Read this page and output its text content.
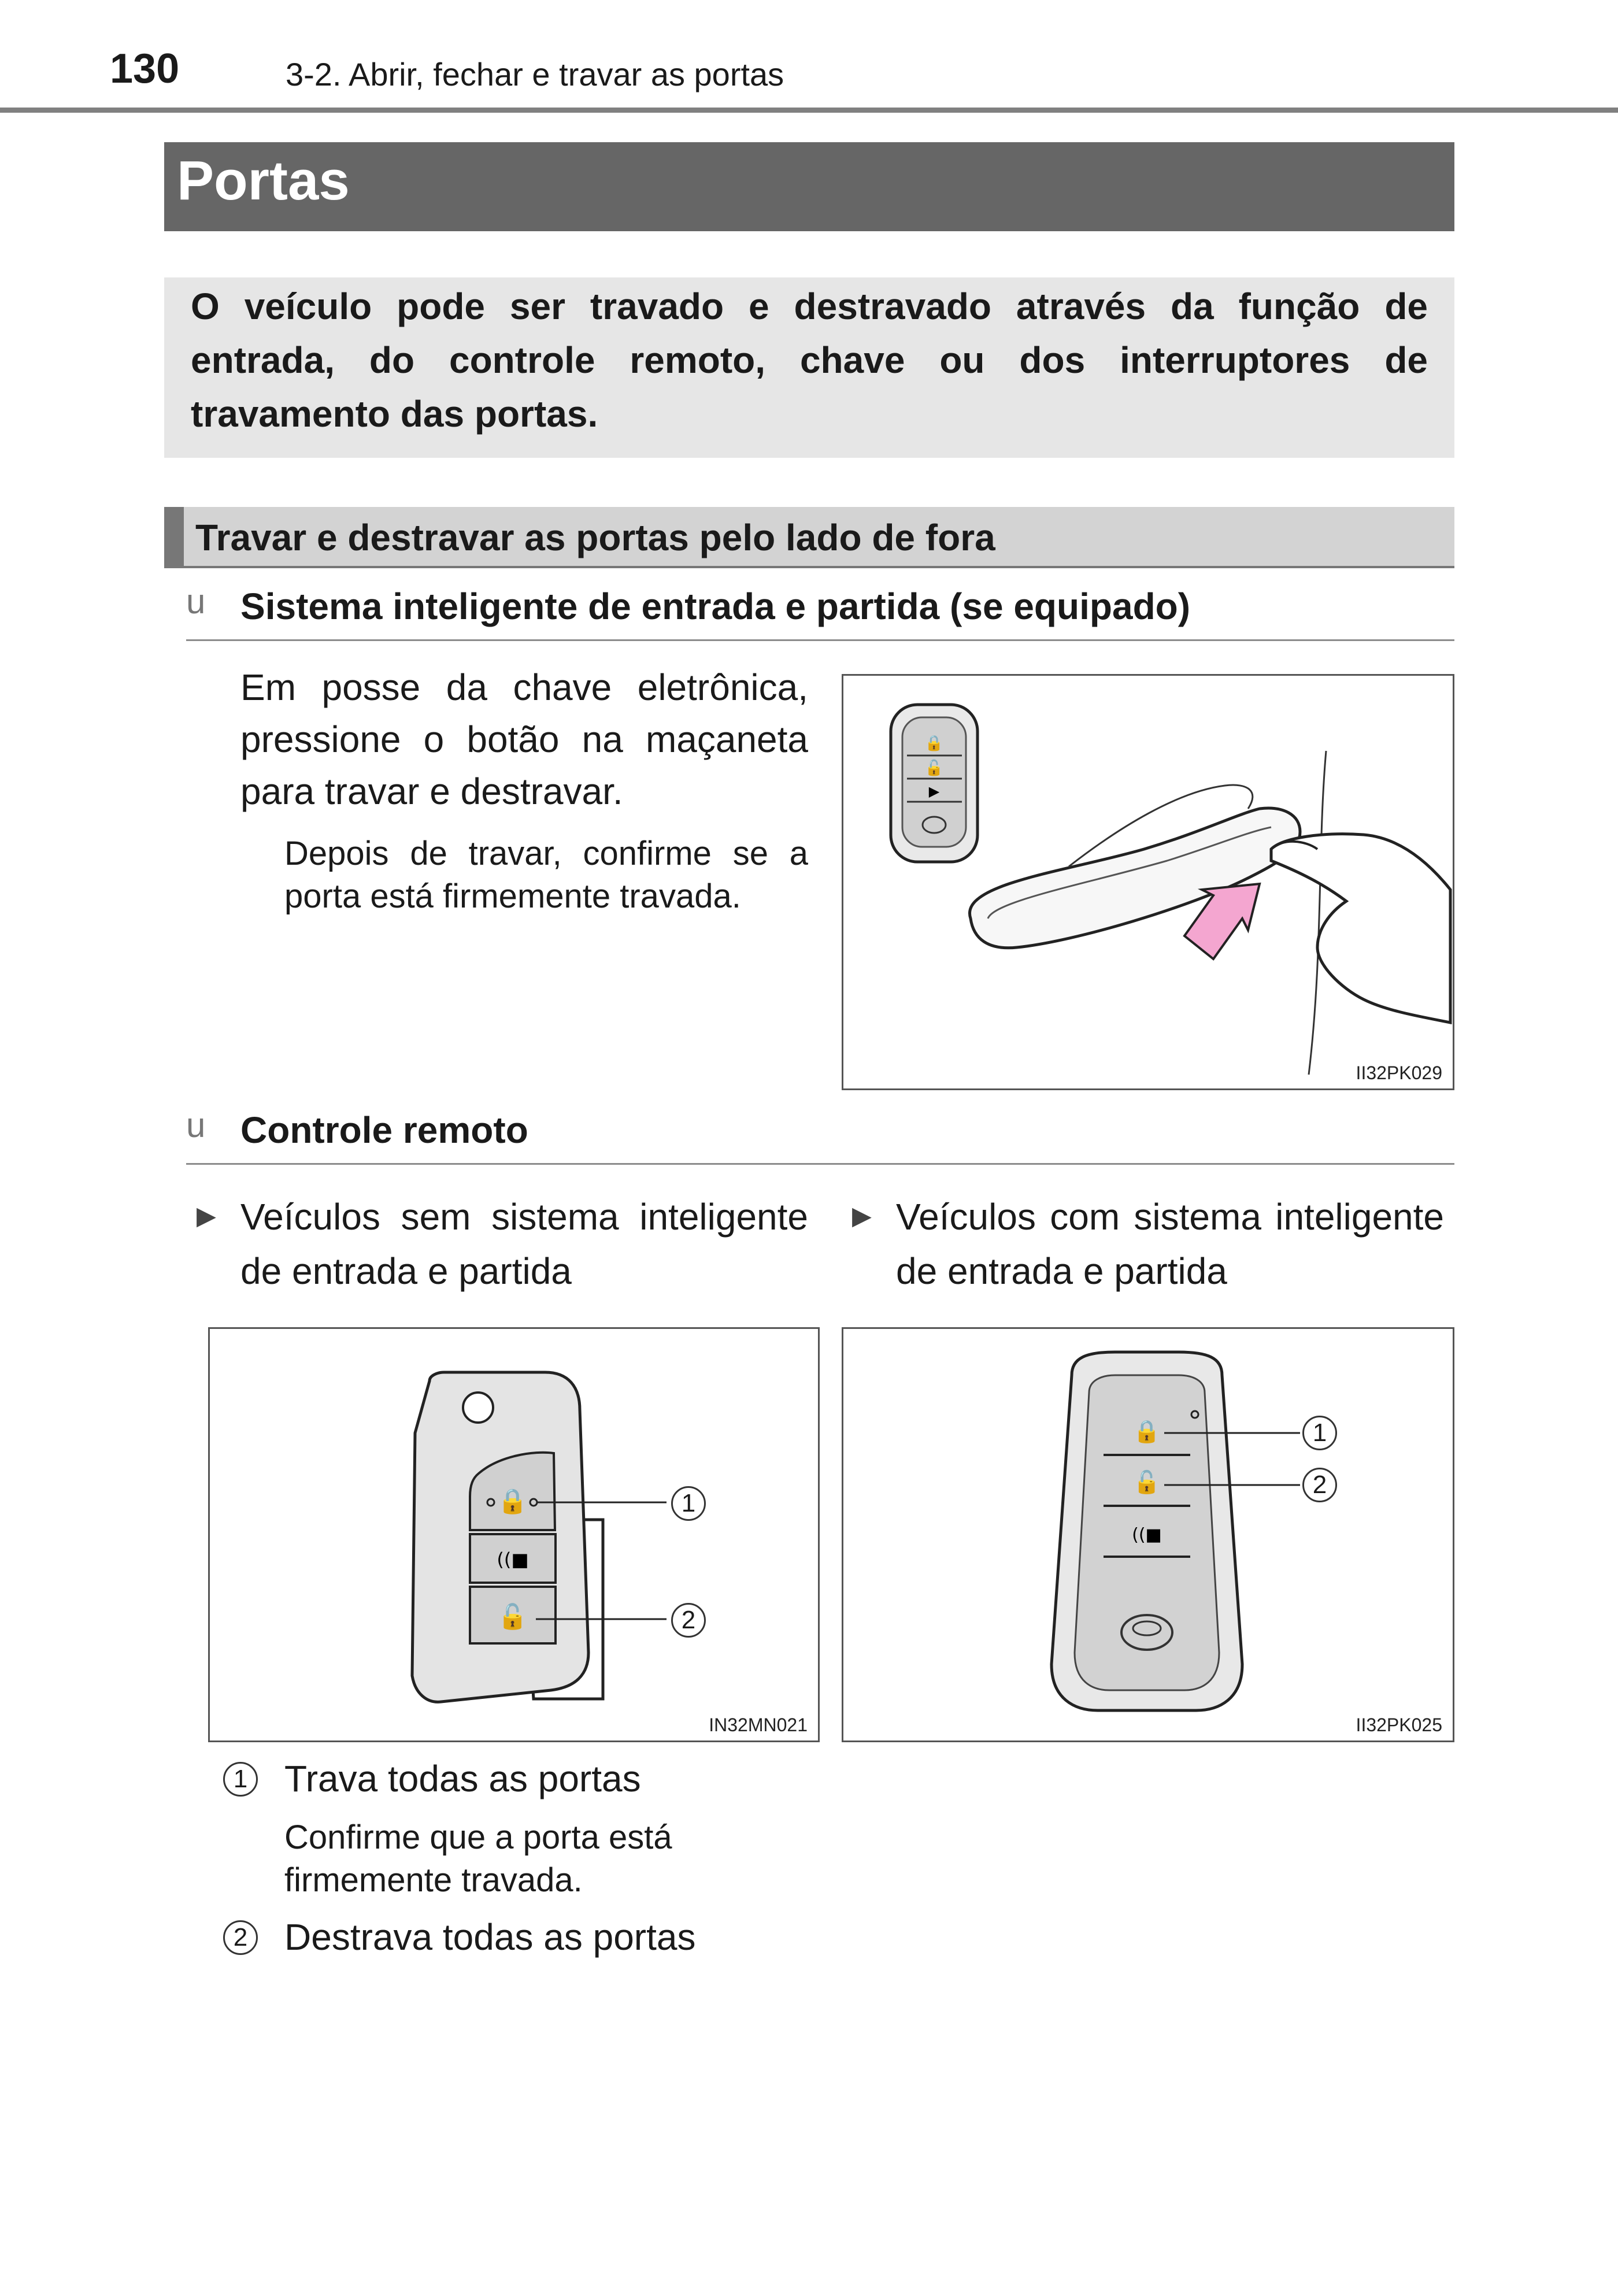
130	3-2. Abrir, fechar e travar as portas
Portas
O veículo pode ser travado e destravado através da função de entrada, do controle remoto, chave ou dos interruptores de travamento das portas.
Travar e destravar as portas pelo lado de fora
u Sistema inteligente de entrada e partida (se equipado)
Em posse da chave eletrônica, pressione o botão na maçaneta para travar e destravar.
Depois de travar, confirme se a porta está firmemente travada.
🔒
🔓
▶
II32PK029
u Controle remoto
▶ Veículos sem sistema inteligente de entrada e partida
▶ Veículos com sistema inteligente de entrada e partida
🔒
((■
🔓
1
2
IN32MN021
🔒
🔓
((■
1
2
II32PK025
1 Trava todas as portas
Confirme que a porta está firmemente travada.
2 Destrava todas as portas
